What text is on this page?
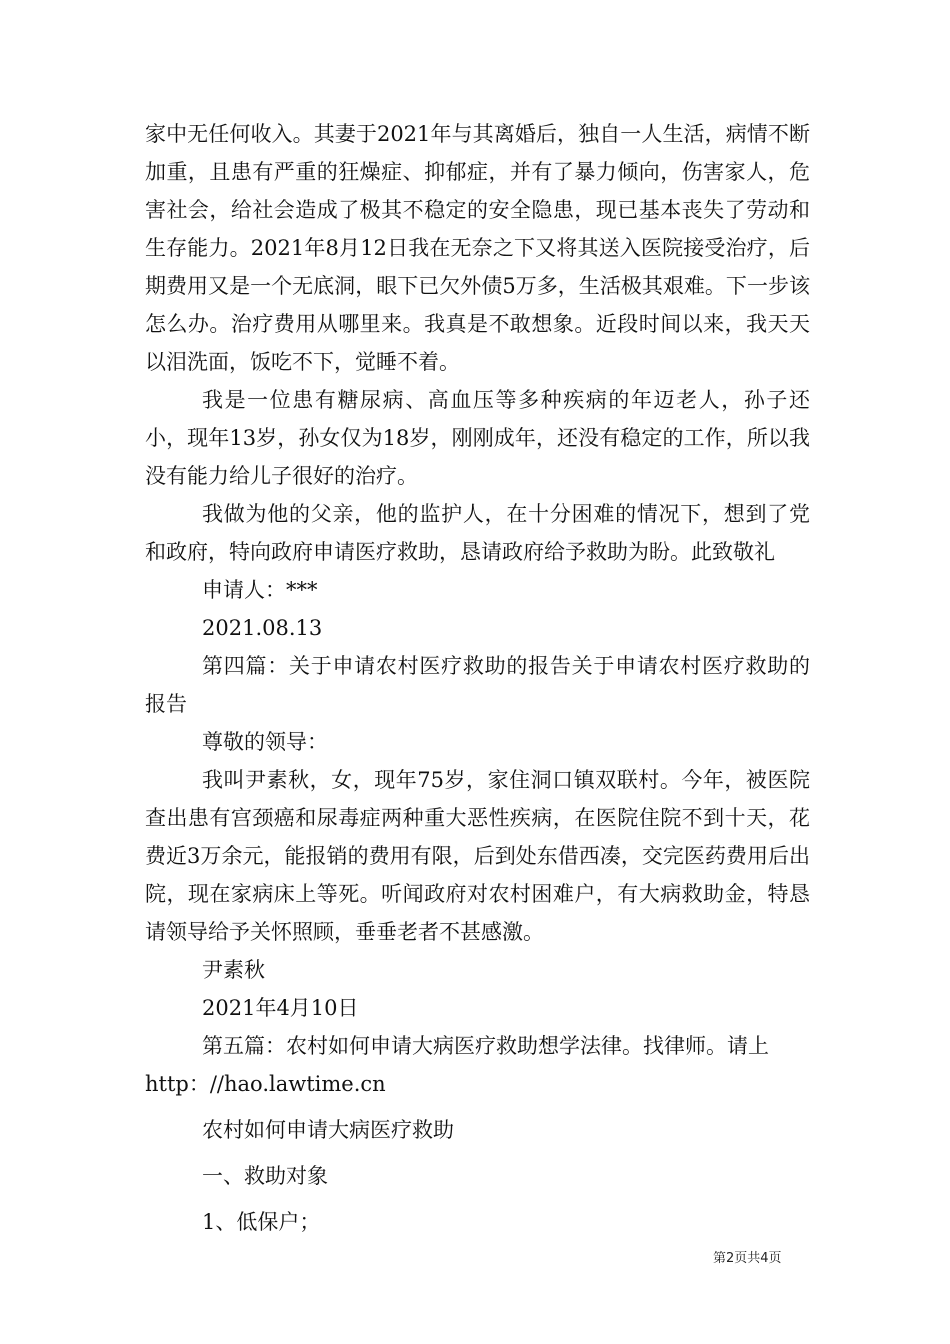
家中无任何收入。其妻于2021年与其离婚后，独自一人生活，病情不断加重，且患有严重的狂燥症、抑郁症，并有了暴力倾向，伤害家人，危害社会，给社会造成了极其不稳定的安全隐患，现已基本丧失了劳动和生存能力。2021年8月12日我在无奈之下又将其送入医院接受治疗，后期费用又是一个无底洞，眼下已欠外债5万多，生活极其艰难。下一步该怎么办。治疗费用从哪里来。我真是不敢想象。近段时间以来，我天天以泪洗面，饭吃不下，觉睡不着。

我是一位患有糖尿病、高血压等多种疾病的年迈老人，孙子还小，现年13岁，孙女仅为18岁，刚刚成年，还没有稳定的工作，所以我没有能力给儿子很好的治疗。

我做为他的父亲，他的监护人，在十分困难的情况下，想到了党和政府，特向政府申请医疗救助，恳请政府给予救助为盼。此致敬礼

申请人：***

2021.08.13

第四篇：关于申请农村医疗救助的报告关于申请农村医疗救助的报告

尊敬的领导：

我叫尹素秋，女，现年75岁，家住洞口镇双联村。今年，被医院查出患有宫颈癌和尿毒症两种重大恶性疾病，在医院住院不到十天，花费近3万余元，能报销的费用有限，后到处东借西凑，交完医药费用后出院，现在家病床上等死。听闻政府对农村困难户，有大病救助金，特恳请领导给予关怀照顾，垂垂老者不甚感激。

尹素秋

2021年4月10日

第五篇：农村如何申请大病医疗救助想学法律。找律师。请上

http：//hao.lawtime.cn

农村如何申请大病医疗救助

一、救助对象

1、低保户；

第2页共4页
